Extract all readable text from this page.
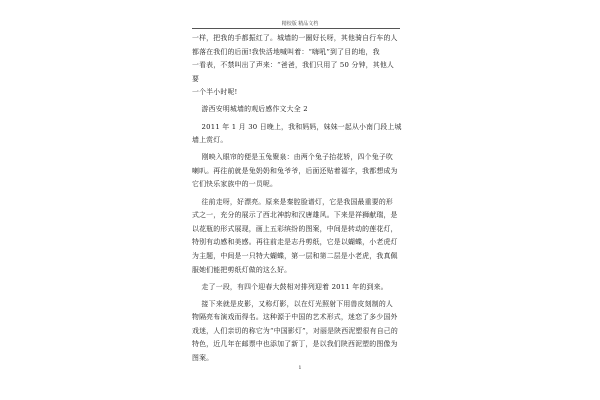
精校版 精品文档

一样，把我的手都振红了。城墙的一圈好长呀，其他骑自行车的人
都落在我们的后面!我快活地喊叫着：“嗨吼”到了目的地，我
一看表，不禁叫出了声来：“爸爸，我们只用了 50 分钟，其他人要
一个半小时呢!

游西安明城墙的观后感作文大全 2

2011 年 1 月 30 日晚上，我和妈妈，妹妹一起从小南门段上城
墙上赏灯。

刚映入眼帘的便是玉兔聚泉：由两个兔子抬花轿，四个兔子吹
喇叭。再往前就是兔奶奶和兔爷爷，后面还贴着福字，我都想成为
它们快乐家族中的一员呢。

往前走呀，好漂亮。原来是秦腔脸谱灯，它是我国最重要的形
式之一，充分的展示了西北神韵和汉唐雄风。下来是祥狮献瑞，是
以花瓶的形式展现，画上五彩缤纷的图案，中间是转动的莲花灯，
特别有动感和美感。再往前走是志丹剪纸，它是以蝴蝶，小老虎灯
为主题，中间是一只特大蝴蝶，第一层和第二层是小老虎，我真佩
服她们能把剪纸灯做的这么好。

走了一段，有四个迎春大鼓相对排列迎着 2011 年的到来。

接下来就是皮影，又称灯影，以在灯光照射下用兽皮刻制的人
物隔亮布演戏而得名。这种源于中国的艺术形式，迷恋了多少国外
戏迷，人们亲切的称它为“中国影灯”，对丽是陕西泥塑很有自己的
特色，近几年在邮票中也添加了新丁，是以我们陕西泥塑的图像为
图案。

1
